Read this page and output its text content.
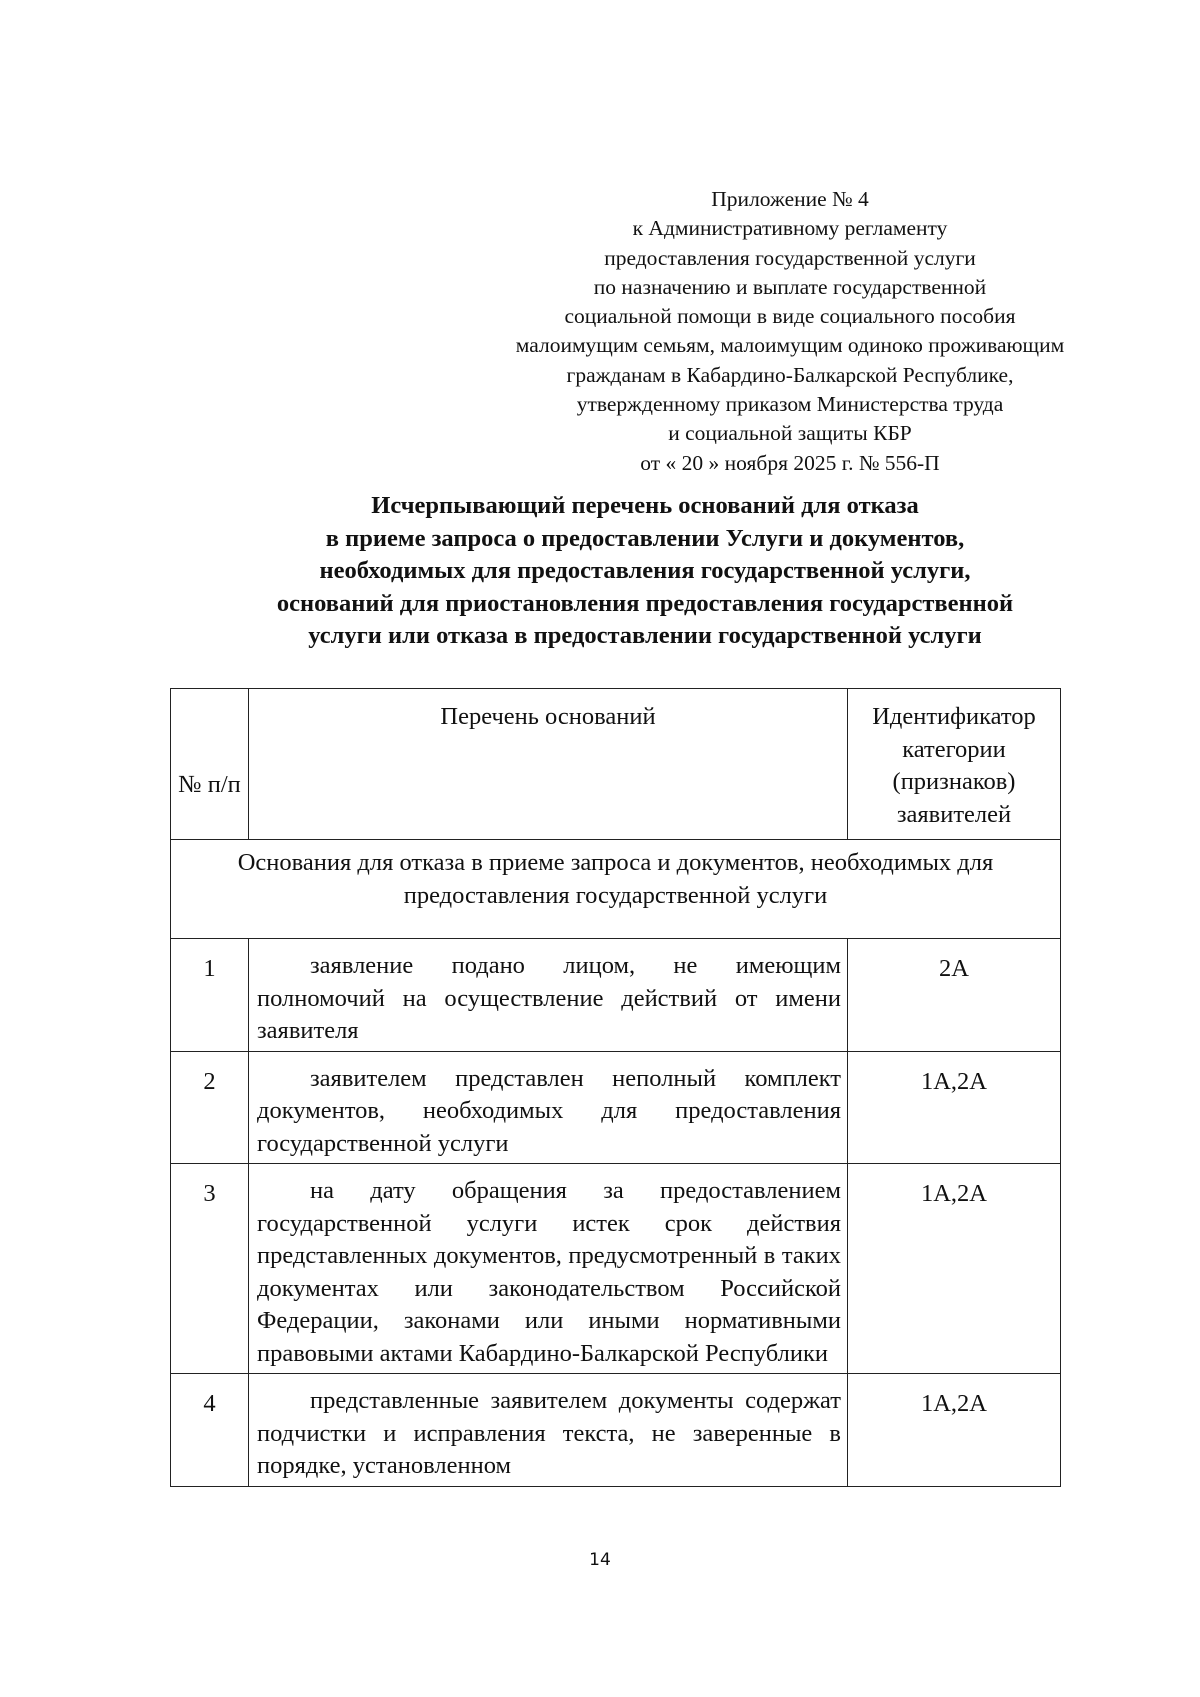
Приложение № 4
к Административному регламенту
предоставления государственной услуги
по назначению и выплате государственной
социальной помощи в виде социального пособия
малоимущим семьям, малоимущим одиноко проживающим
гражданам в Кабардино-Балкарской Республике,
утвержденному приказом Министерства труда
и социальной защиты КБР
от « 20 » ноября 2025 г. № 556-П
Исчерпывающий перечень оснований для отказа
в приеме запроса о предоставлении Услуги и документов,
необходимых для предоставления государственной услуги,
оснований для приостановления предоставления государственной
услуги или отказа в предоставлении государственной услуги
№ п/п	Перечень оснований	Идентификатор категории (признаков) заявителей
Основания для отказа в приеме запроса и документов, необходимых для предоставления государственной услуги		
1	заявление подано лицом, не имеющим полномочий на осуществление действий от имени заявителя	2А
2	заявителем представлен неполный комплект документов, необходимых для предоставления государственной услуги	1А,2А
3	на дату обращения за предоставлением государственной услуги истек срок действия представленных документов, предусмотренный в таких документах или законодательством Российской Федерации, законами или иными нормативными правовыми актами Кабардино-Балкарской Республики	1А,2А
4	представленные заявителем документы содержат подчистки и исправления текста, не заверенные в порядке, установленном	1А,2А
14
